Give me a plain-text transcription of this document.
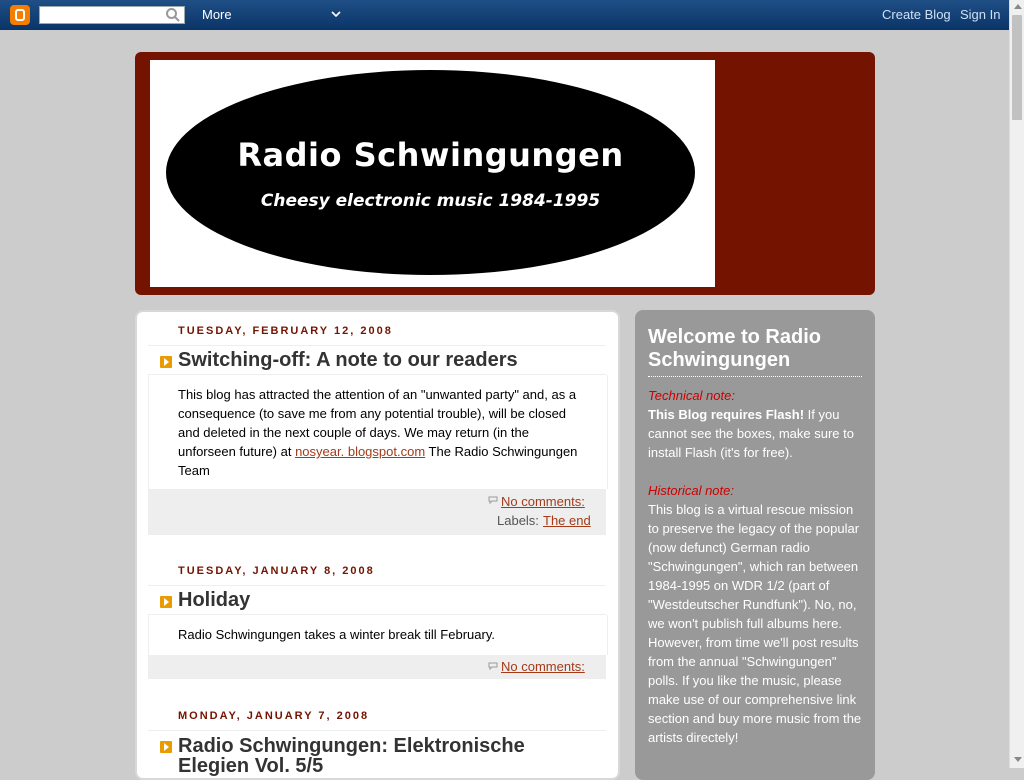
More	Create Blog Sign In
Radio Schwingungen
Cheesy electronic music 1984-1995
TUESDAY, FEBRUARY 12, 2008
Switching-off: A note to our readers
This blog has attracted the attention of an "unwanted party" and, as a consequence (to save me from any potential trouble), will be closed and deleted in the next couple of days. We may return (in the unforseen future) at nosyear. blogspot.com The Radio Schwingungen Team
No comments:
Labels: The end
TUESDAY, JANUARY 8, 2008
Holiday
Radio Schwingungen takes a winter break till February.
No comments:
MONDAY, JANUARY 7, 2008
Radio Schwingungen: Elektronische Elegien Vol. 5/5
Welcome to Radio Schwingungen
Technical note:
This Blog requires Flash! If you cannot see the boxes, make sure to install Flash (it's for free).
Historical note:
This blog is a virtual rescue mission to preserve the legacy of the popular (now defunct) German radio "Schwingungen", which ran between 1984-1995 on WDR 1/2 (part of "Westdeutscher Rundfunk"). No, no, we won't publish full albums here. However, from time we'll post results from the annual "Schwingungen" polls. If you like the music, please make use of our comprehensive link section and buy more music from the artists directely!
